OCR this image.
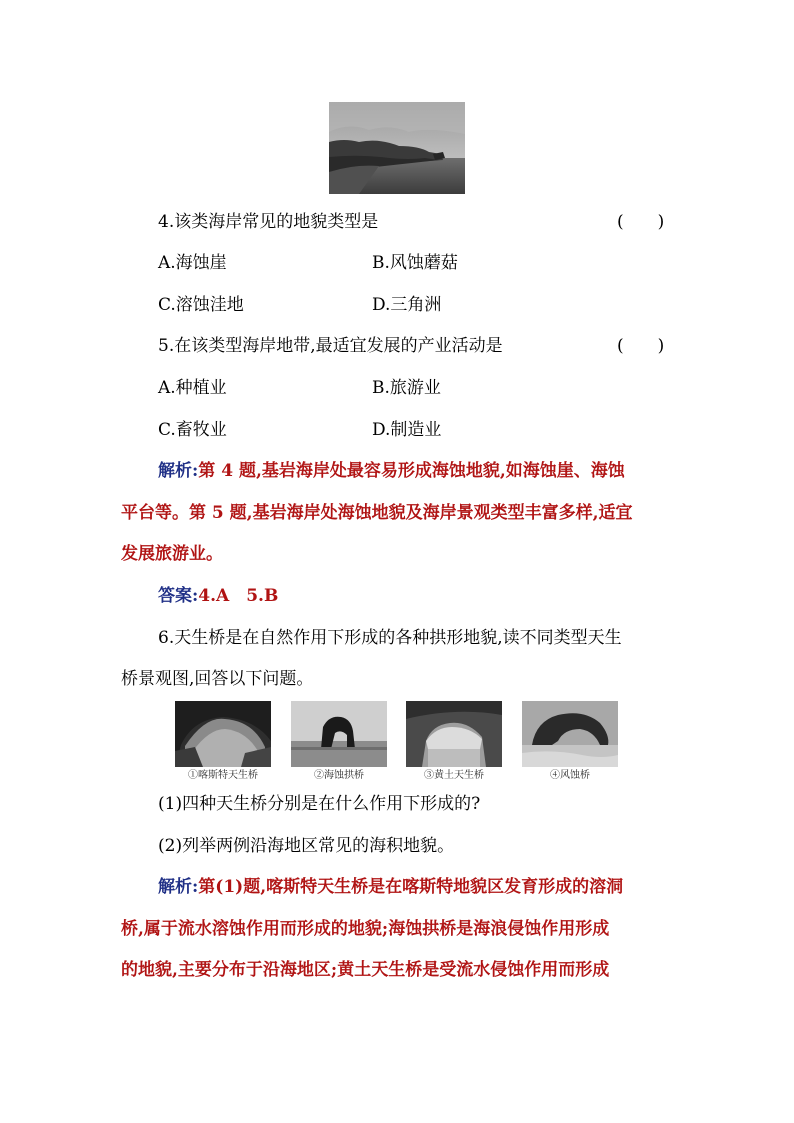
4.该类海岸常见的地貌类型是	(　　)
A.海蚀崖	B.风蚀蘑菇
C.溶蚀洼地	D.三角洲
5.在该类型海岸地带,最适宜发展的产业活动是	(　　)
A.种植业	B.旅游业
C.畜牧业	D.制造业
解析:第 4 题,基岩海岸处最容易形成海蚀地貌,如海蚀崖、海蚀
平台等。第 5 题,基岩海岸处海蚀地貌及海岸景观类型丰富多样,适宜
发展旅游业。
答案:4.A　5.B
6.天生桥是在自然作用下形成的各种拱形地貌,读不同类型天生
桥景观图,回答以下问题。
①喀斯特天生桥	②海蚀拱桥	③黄土天生桥	④风蚀桥
(1)四种天生桥分别是在什么作用下形成的?
(2)列举两例沿海地区常见的海积地貌。
解析:第(1)题,喀斯特天生桥是在喀斯特地貌区发育形成的溶洞
桥,属于流水溶蚀作用而形成的地貌;海蚀拱桥是海浪侵蚀作用形成
的地貌,主要分布于沿海地区;黄土天生桥是受流水侵蚀作用而形成
